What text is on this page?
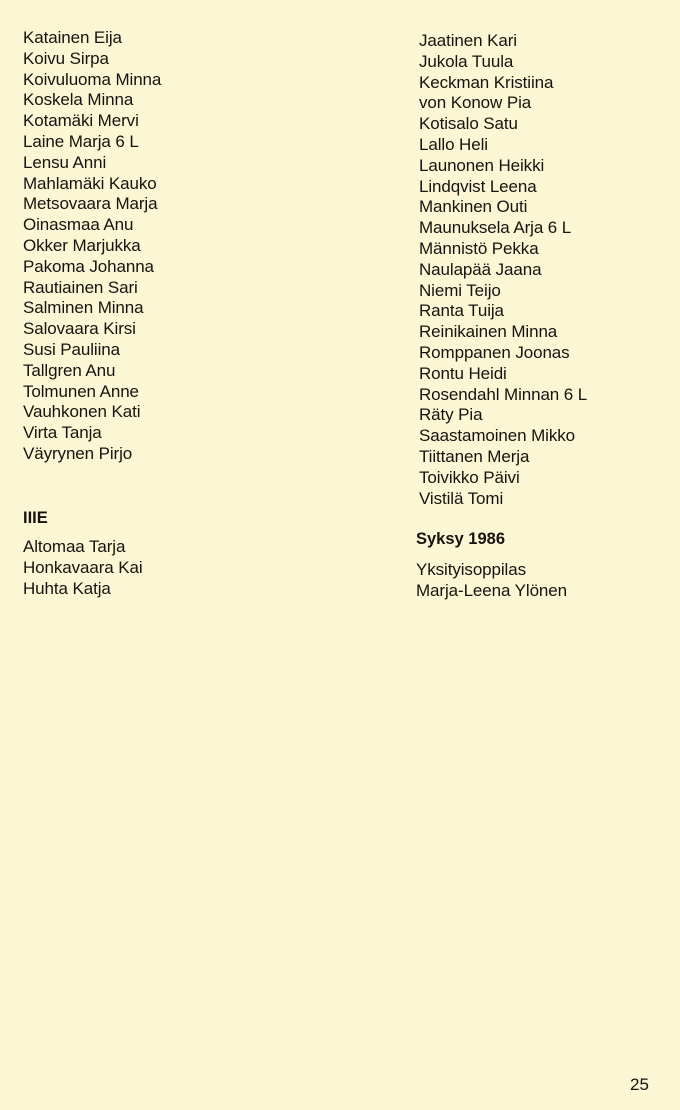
Katainen Eija
Koivu Sirpa
Koivuluoma Minna
Koskela Minna
Kotamäki Mervi
Laine Marja 6 L
Lensu Anni
Mahlamäki Kauko
Metsovaara Marja
Oinasmaa Anu
Okker Marjukka
Pakoma Johanna
Rautiainen Sari
Salminen Minna
Salovaara Kirsi
Susi Pauliina
Tallgren Anu
Tolmunen Anne
Vauhkonen Kati
Virta Tanja
Väyrynen Pirjo
IIIE
Altomaa Tarja
Honkavaara Kai
Huhta Katja
Jaatinen Kari
Jukola Tuula
Keckman Kristiina
von Konow Pia
Kotisalo Satu
Lallo Heli
Launonen Heikki
Lindqvist Leena
Mankinen Outi
Maunuksela Arja 6 L
Männistö Pekka
Naulapää Jaana
Niemi Teijo
Ranta Tuija
Reinikainen Minna
Romppanen Joonas
Rontu Heidi
Rosendahl Minnan 6 L
Räty Pia
Saastamoinen Mikko
Tiittanen Merja
Toivikko Päivi
Vistilä Tomi
Syksy 1986
Yksityisoppilas
Marja-Leena Ylönen
25
